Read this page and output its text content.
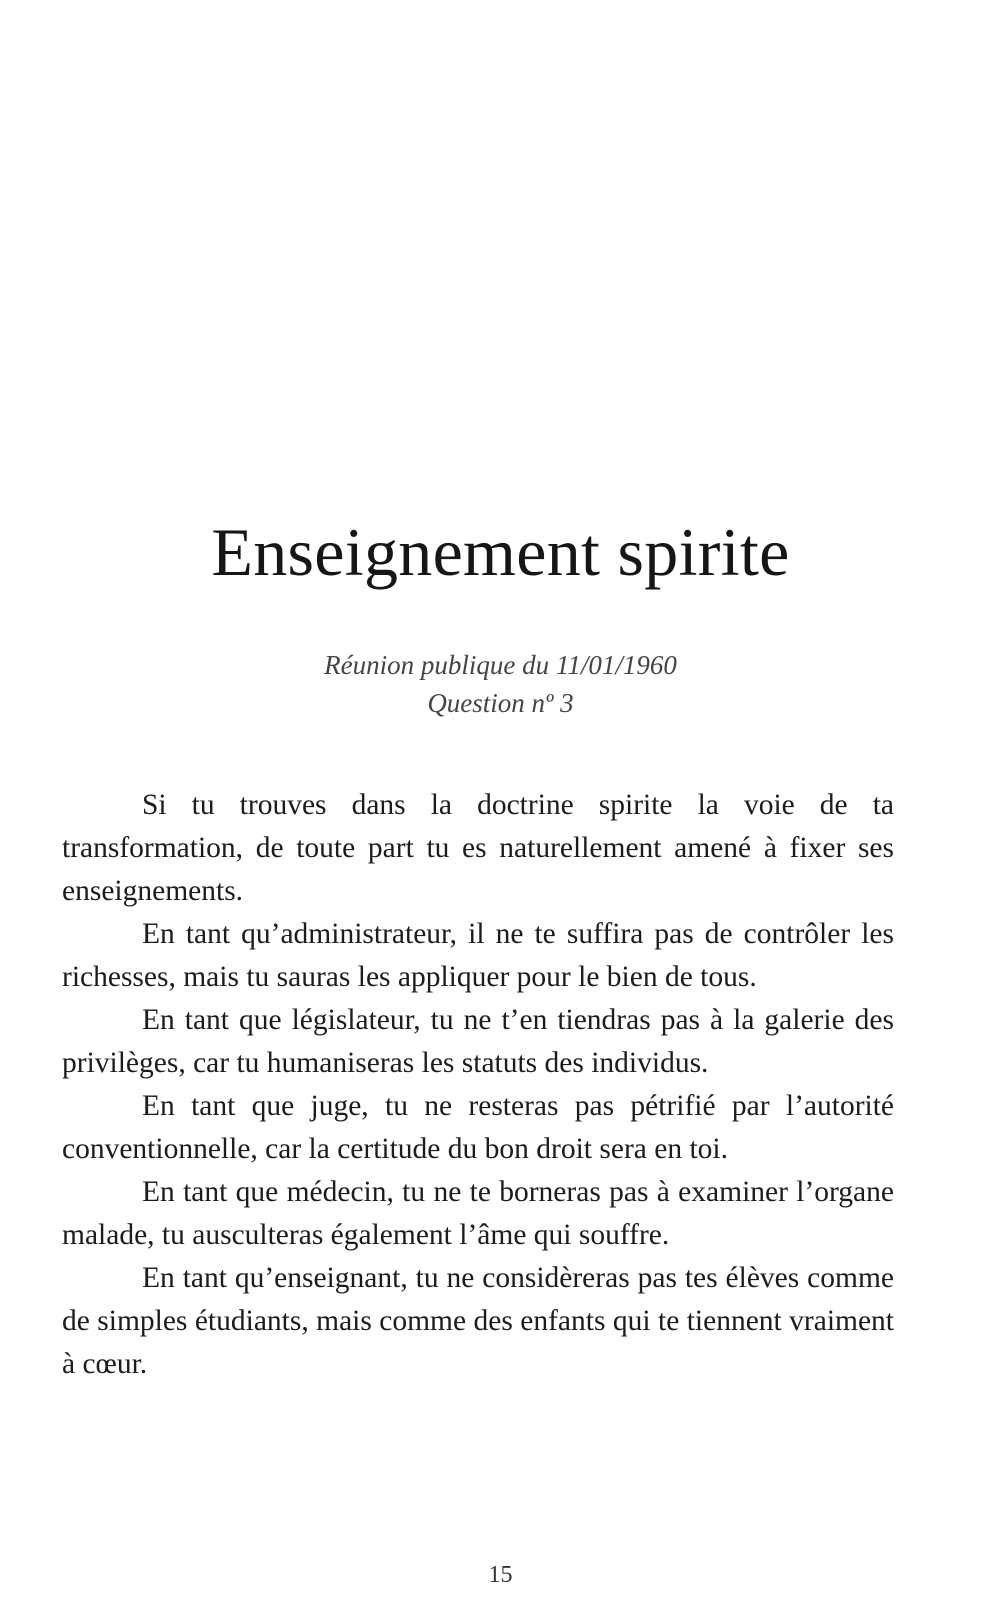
Enseignement spirite
Réunion publique du 11/01/1960
Question nº 3

Si tu trouves dans la doctrine spirite la voie de ta transformation, de toute part tu es naturellement amené à fixer ses enseignements.

En tant qu’administrateur, il ne te suffira pas de contrôler les richesses, mais tu sauras les appliquer pour le bien de tous.

En tant que législateur, tu ne t’en tiendras pas à la galerie des privilèges, car tu humaniseras les statuts des individus.

En tant que juge, tu ne resteras pas pétrifié par l’autorité conventionnelle, car la certitude du bon droit sera en toi.

En tant que médecin, tu ne te borneras pas à examiner l’organe malade, tu ausculteras également l’âme qui souffre.

En tant qu’enseignant, tu ne considèreras pas tes élèves comme de simples étudiants, mais comme des enfants qui te tiennent vraiment à cœur.

15
